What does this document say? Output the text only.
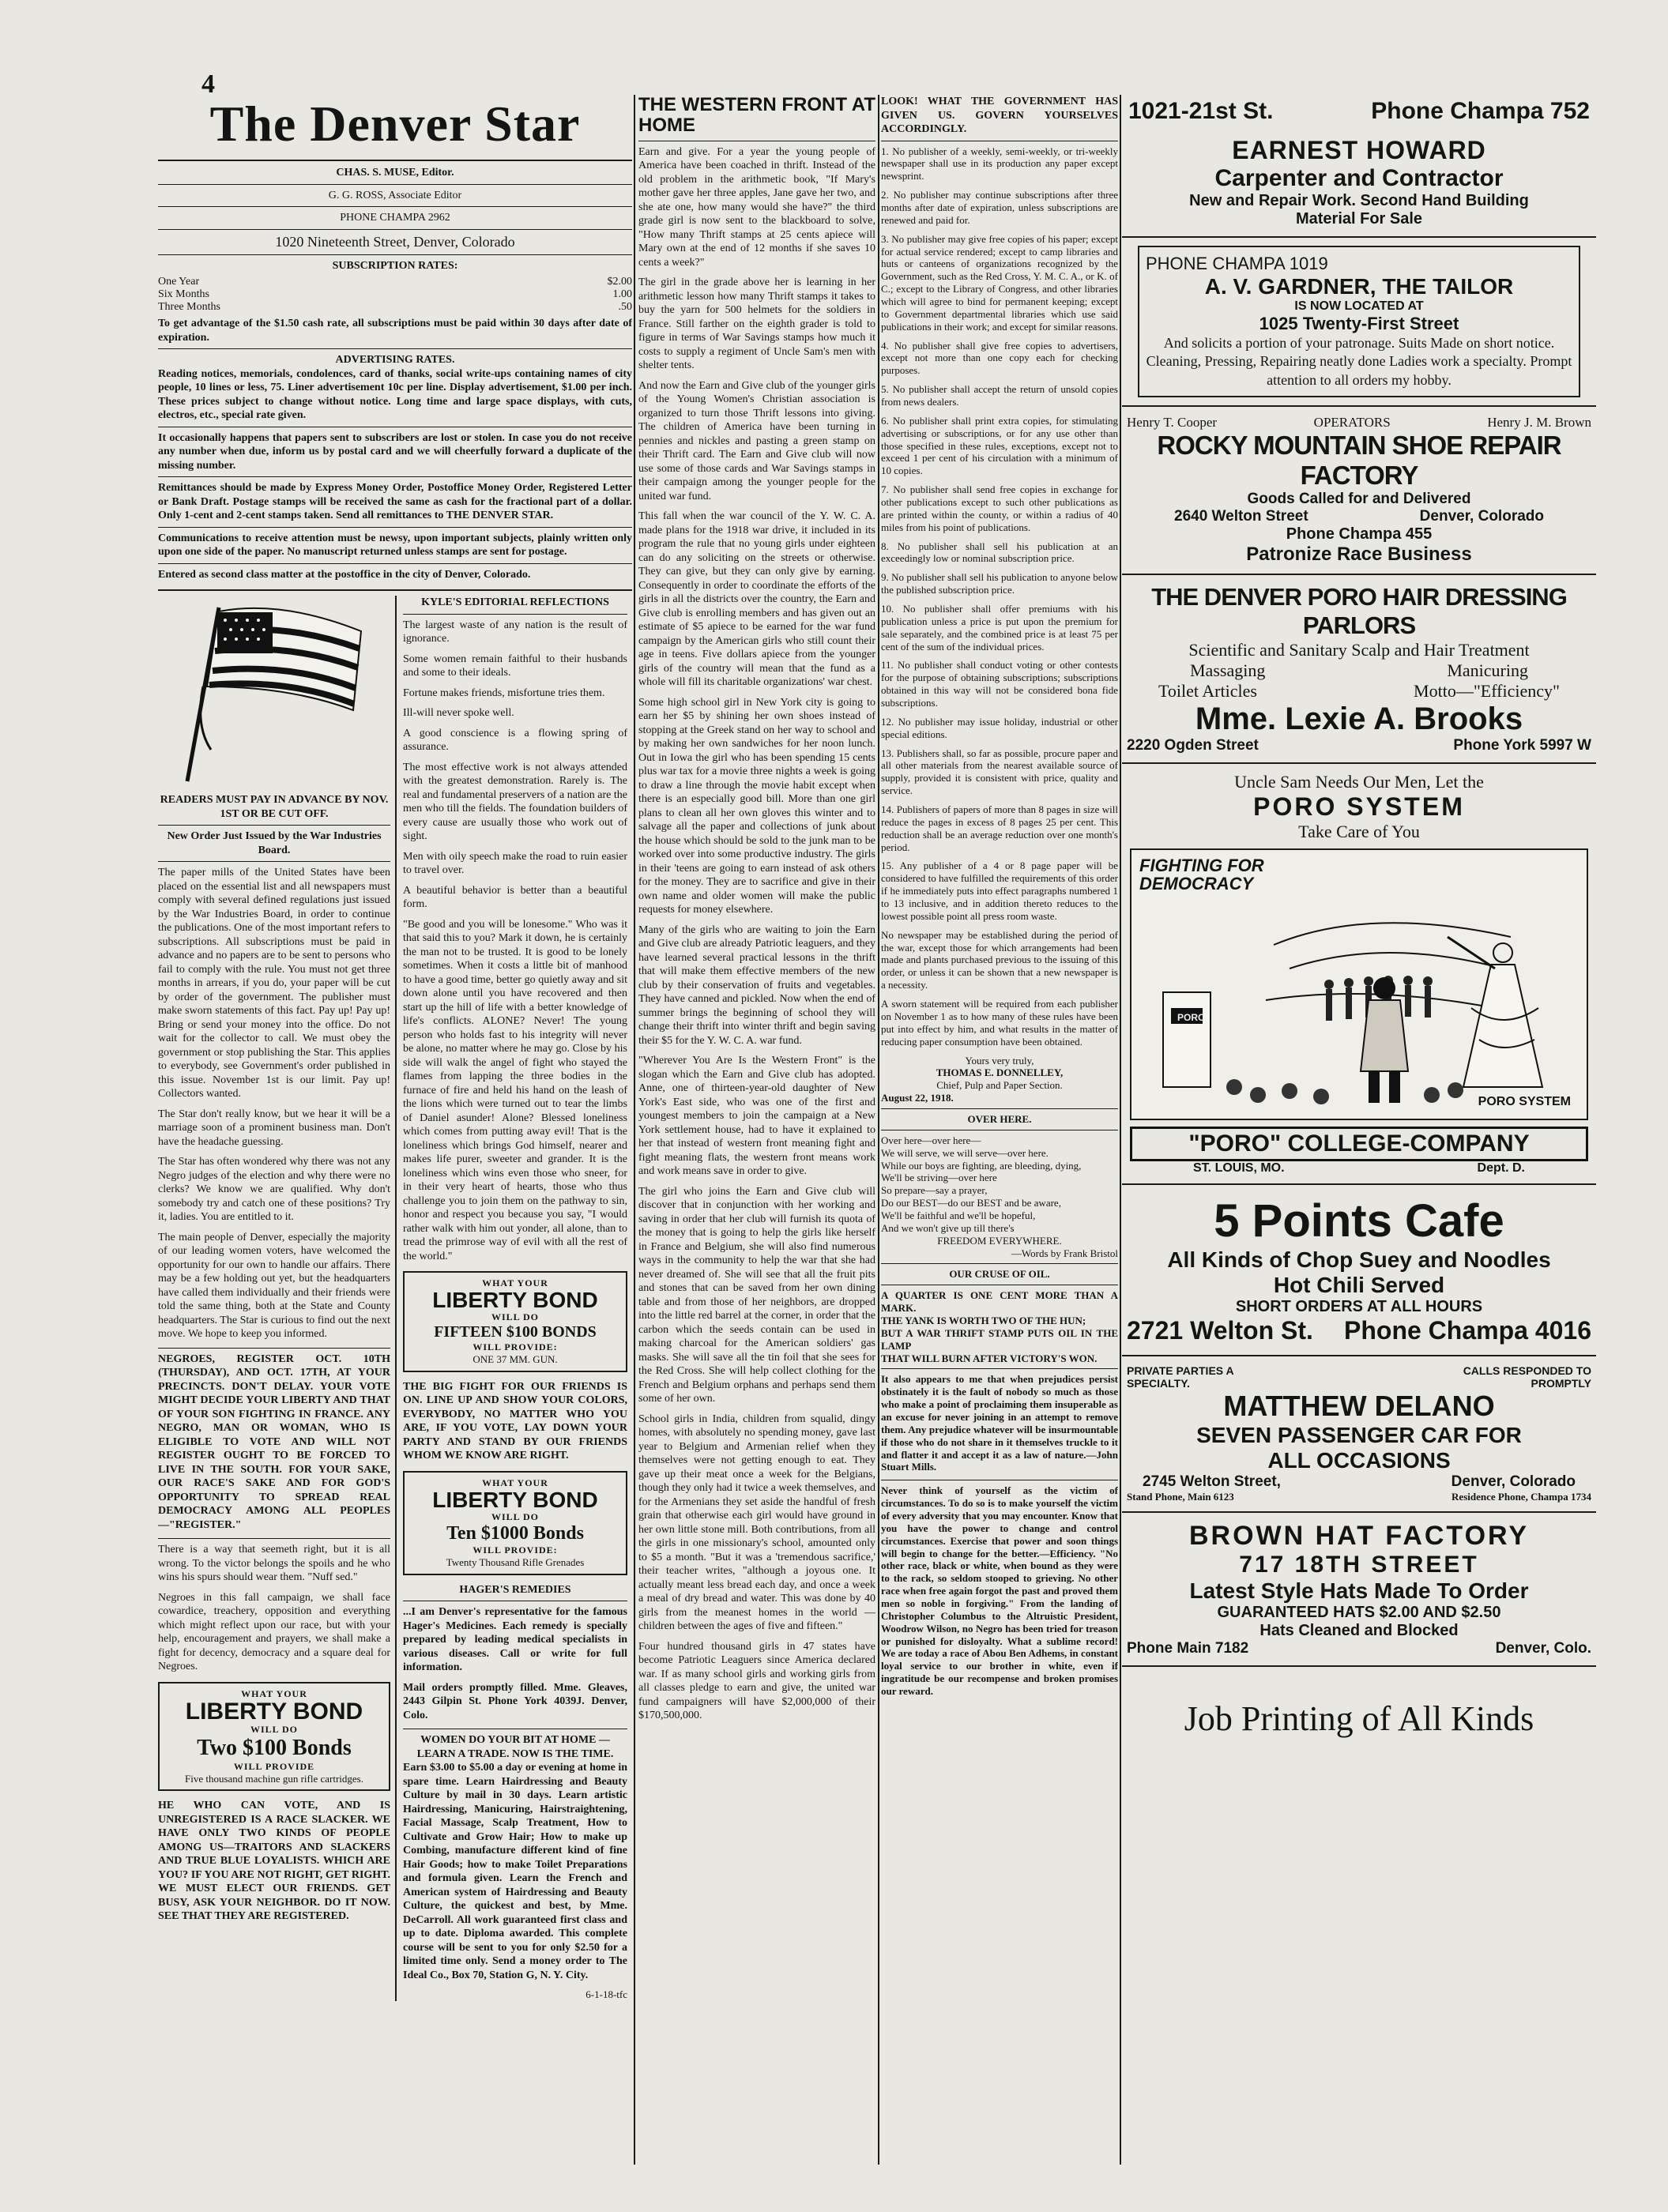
4
The Denver Star
CHAS. S. MUSE, Editor.
G. G. ROSS, Associate Editor
PHONE CHAMPA 2962
1020 Nineteenth Street, Denver, Colorado
SUBSCRIPTION RATES:
One Year	$2.00
Six Months	1.00
Three Months	.50
To get advantage of the $1.50 cash rate, all subscriptions must be paid within 30 days after date of expiration.
ADVERTISING RATES.
Reading notices, memorials, condolences, card of thanks, social write-ups containing names of city people, 10 lines or less, 75. Liner advertisement 10c per line. Display advertisement, $1.00 per inch. These prices subject to change without notice. Long time and large space displays, with cuts, electros, etc., special rate given.
It occasionally happens that papers sent to subscribers are lost or stolen. In case you do not receive any number when due, inform us by postal card and we will cheerfully forward a duplicate of the missing number.
Remittances should be made by Express Money Order, Postoffice Money Order, Registered Letter or Bank Draft. Postage stamps will be received the same as cash for the fractional part of a dollar. Only 1-cent and 2-cent stamps taken. Send all remittances to THE DENVER STAR.
Communications to receive attention must be newsy, upon important subjects, plainly written only upon one side of the paper. No manuscript returned unless stamps are sent for postage.
Entered as second class matter at the postoffice in the city of Denver, Colorado.
READERS MUST PAY IN ADVANCE BY NOV. 1ST OR BE CUT OFF.
New Order Just Issued by the War Industries Board.

The paper mills of the United States have been placed on the essential list and all newspapers must comply with several defined regulations just issued by the War Industries Board, in order to continue the publications. One of the most important refers to subscriptions. All subscriptions must be paid in advance and no papers are to be sent to persons who fail to comply with the rule. You must not get three months in arrears, if you do, your paper will be cut by order of the government. The publisher must make sworn statements of this fact. Pay up! Pay up! Bring or send your money into the office. Do not wait for the collector to call. We must obey the government or stop publishing the Star. This applies to everybody, see Government's order published in this issue. November 1st is our limit. Pay up! Collectors wanted.

The Star don't really know, but we hear it will be a marriage soon of a prominent business man. Don't have the headache guessing.

The Star has often wondered why there was not any Negro judges of the election and why there were no clerks? We know we are qualified. Why don't somebody try and catch one of these positions? Try it, ladies. You are entitled to it.

The main people of Denver, especially the majority of our leading women voters, have welcomed the opportunity for our own to handle our affairs. There may be a few holding out yet, but the headquarters have called them individually and their friends were told the same thing, both at the State and County headquarters. The Star is curious to find out the next move. We hope to keep you informed.

NEGROES, REGISTER OCT. 10TH (THURSDAY), AND OCT. 17TH, AT YOUR PRECINCTS. DON'T DELAY. YOUR VOTE MIGHT DECIDE YOUR LIBERTY AND THAT OF YOUR SON FIGHTING IN FRANCE. ANY NEGRO, MAN OR WOMAN, WHO IS ELIGIBLE TO VOTE AND WILL NOT REGISTER OUGHT TO BE FORCED TO LIVE IN THE SOUTH. FOR YOUR SAKE, OUR RACE'S SAKE AND FOR GOD'S OPPORTUNITY TO SPREAD REAL DEMOCRACY AMONG ALL PEOPLES—"REGISTER."

There is a way that seemeth right, but it is all wrong. To the victor belongs the spoils and he who wins his spurs should wear them. "Nuff sed."

Negroes in this fall campaign, we shall face cowardice, treachery, opposition and everything which might reflect upon our race, but with your help, encouragement and prayers, we shall make a fight for decency, democracy and a square deal for Negroes.

WHAT YOUR
LIBERTY BOND
WILL DO
Two $100 Bonds
WILL PROVIDE
Five thousand machine gun rifle cartridges.

HE WHO CAN VOTE, AND IS UNREGISTERED IS A RACE SLACKER. WE HAVE ONLY TWO KINDS OF PEOPLE AMONG US—TRAITORS AND SLACKERS AND TRUE BLUE LOYALISTS. WHICH ARE YOU? IF YOU ARE NOT RIGHT, GET RIGHT. WE MUST ELECT OUR FRIENDS. GET BUSY, ASK YOUR NEIGHBOR. DO IT NOW. SEE THAT THEY ARE REGISTERED.

KYLE'S EDITORIAL REFLECTIONS

The largest waste of any nation is the result of ignorance.

Some women remain faithful to their husbands and some to their ideals.

Fortune makes friends, misfortune tries them.

Ill-will never spoke well.

A good conscience is a flowing spring of assurance.

The most effective work is not always attended with the greatest demonstration. Rarely is. The real and fundamental preservers of a nation are the men who till the fields. The foundation builders of every cause are usually those who work out of sight.

Men with oily speech make the road to ruin easier to travel over.

A beautiful behavior is better than a beautiful form.

"Be good and you will be lonesome." Who was it that said this to you? Mark it down, he is certainly the man not to be trusted. It is good to be lonely sometimes. When it costs a little bit of manhood to have a good time, better go quietly away and sit down alone until you have recovered and then start up the hill of life with a better knowledge of life's conflicts. ALONE? Never! The young person who holds fast to his integrity will never be alone, no matter where he may go. Close by his side will walk the angel of fight who stayed the flames from lapping the three bodies in the furnace of fire and held his hand on the leash of the lions which were turned out to tear the limbs of Daniel asunder! Alone? Blessed loneliness which comes from putting away evil! That is the loneliness which brings God himself, nearer and makes life purer, sweeter and grander. It is the loneliness which wins even those who sneer, for in their very heart of hearts, those who thus challenge you to join them on the pathway to sin, honor and respect you because you say, "I would rather walk with him out yonder, all alone, than to tread the primrose way of evil with all the rest of the world."

WHAT YOUR
LIBERTY BOND
WILL DO
FIFTEEN $100 BONDS
WILL PROVIDE:
ONE 37 MM. GUN.

THE BIG FIGHT FOR OUR FRIENDS IS ON. LINE UP AND SHOW YOUR COLORS, EVERYBODY, NO MATTER WHO YOU ARE, IF YOU VOTE, LAY DOWN YOUR PARTY AND STAND BY OUR FRIENDS WHOM WE KNOW ARE RIGHT.

WHAT YOUR
LIBERTY BOND
WILL DO
Ten $1000 Bonds
WILL PROVIDE:
Twenty Thousand Rifle Grenades
HAGER'S REMEDIES

...I am Denver's representative for the famous Hager's Medicines. Each remedy is specially prepared by leading medical specialists in various diseases. Call or write for full information.

Mail orders promptly filled. Mme. Gleaves, 2443 Gilpin St. Phone York 4039J. Denver, Colo.

WOMEN DO YOUR BIT AT HOME —LEARN A TRADE. NOW IS THE TIME.

Earn $3.00 to $5.00 a day or evening at home in spare time. Learn Hairdressing and Beauty Culture by mail in 30 days. Learn artistic Hairdressing, Manicuring, Hairstraightening, Facial Massage, Scalp Treatment, How to Cultivate and Grow Hair; How to make up Combing, manufacture different kind of fine Hair Goods; how to make Toilet Preparations and formula given. Learn the French and American system of Hairdressing and Beauty Culture, the quickest and best, by Mme. DeCarroll. All work guaranteed first class and up to date. Diploma awarded. This complete course will be sent to you for only $2.50 for a limited time only. Send a money order to The Ideal Co., Box 70, Station G, N. Y. City.

6-1-18-tfc
THE WESTERN FRONT AT HOME

Earn and give. For a year the young people of America have been coached in thrift. Instead of the old problem in the arithmetic book, "If Mary's mother gave her three apples, Jane gave her two, and she ate one, how many would she have?" the third grade girl is now sent to the blackboard to solve, "How many Thrift stamps at 25 cents apiece will Mary own at the end of 12 months if she saves 10 cents a week?"

The girl in the grade above her is learning in her arithmetic lesson how many Thrift stamps it takes to buy the yarn for 500 helmets for the soldiers in France. Still farther on the eighth grader is told to figure in terms of War Savings stamps how much it costs to supply a regiment of Uncle Sam's men with shelter tents.

And now the Earn and Give club of the younger girls of the Young Women's Christian association is organized to turn those Thrift lessons into giving. The children of America have been turning in pennies and nickles and pasting a green stamp on their Thrift card. The Earn and Give club will now use some of those cards and War Savings stamps in their campaign among the younger people for the united war fund.

This fall when the war council of the Y. W. C. A. made plans for the 1918 war drive, it included in its program the rule that no young girls under eighteen can do any soliciting on the streets or otherwise. They can give, but they can only give by earning. Consequently in order to coordinate the efforts of the girls in all the districts over the country, the Earn and Give club is enrolling members and has given out an estimate of $5 apiece to be earned for the war fund campaign by the American girls who still count their age in teens. Five dollars apiece from the younger girls of the country will mean that the fund as a whole will fill its charitable organizations' war chest.

Some high school girl in New York city is going to earn her $5 by shining her own shoes instead of stopping at the Greek stand on her way to school and by making her own sandwiches for her noon lunch. Out in Iowa the girl who has been spending 15 cents plus war tax for a movie three nights a week is going to draw a line through the movie habit except when there is an especially good bill. More than one girl plans to clean all her own gloves this winter and to salvage all the paper and collections of junk about the house which should be sold to the junk man to be worked over into some productive industry. The girls in their 'teens are going to earn instead of ask others for the money. They are to sacrifice and give in their own name and older women will make the public requests for money elsewhere.

Many of the girls who are waiting to join the Earn and Give club are already Patriotic leaguers, and they have learned several practical lessons in the thrift that will make them effective members of the new club by their conservation of fruits and vegetables. They have canned and pickled. Now when the end of summer brings the beginning of school they will change their thrift into winter thrift and begin saving their $5 for the Y. W. C. A. war fund.

"Wherever You Are Is the Western Front" is the slogan which the Earn and Give club has adopted. Anne, one of thirteen-year-old daughter of New York's East side, who was one of the first and youngest members to join the campaign at a New York settlement house, had to have it explained to her that instead of western front meaning fight and fight meaning flats, the western front means work and work means save in order to give.

The girl who joins the Earn and Give club will discover that in conjunction with her working and saving in order that her club will furnish its quota of the money that is going to help the girls like herself in France and Belgium, she will also find numerous ways in the community to help the war that she had never dreamed of. She will see that all the fruit pits and stones that can be saved from her own dining table and from those of her neighbors, are dropped into the little red barrel at the corner, in order that the carbon which the seeds contain can be used in making charcoal for the American soldiers' gas masks. She will save all the tin foil that she sees for the Red Cross. She will help collect clothing for the French and Belgium orphans and perhaps send them some of her own.

School girls in India, children from squalid, dingy homes, with absolutely no spending money, gave last year to Belgium and Armenian relief when they themselves were not getting enough to eat. They gave up their meat once a week for the Belgians, though they only had it twice a week themselves, and for the Armenians they set aside the handful of fresh grain that otherwise each girl would have ground in her own little stone mill. Both contributions, from all the girls in one missionary's school, amounted only to $5 a month. "But it was a 'tremendous sacrifice,' their teacher writes, "although a joyous one. It actually meant less bread each day, and once a week a meal of dry bread and water. This was done by 40 girls from the meanest homes in the world —children between the ages of five and fifteen."

Four hundred thousand girls in 47 states have become Patriotic Leaguers since America declared war. If as many school girls and working girls from all classes pledge to earn and give, the united war fund campaigners will have $2,000,000 of their $170,500,000.

LOOK! WHAT THE GOVERNMENT HAS GIVEN US. GOVERN YOURSELVES ACCORDINGLY.

1. No publisher of a weekly, semi-weekly, or tri-weekly newspaper shall use in its production any paper except newsprint.

2. No publisher may continue subscriptions after three months after date of expiration, unless subscriptions are renewed and paid for.

3. No publisher may give free copies of his paper; except for actual service rendered; except to camp libraries and huts or canteens of organizations recognized by the Government, such as the Red Cross, Y. M. C. A., or K. of C.; except to the Library of Congress, and other libraries which will agree to bind for permanent keeping; except to Government departmental libraries which use said publications in their work; and except for similar reasons.

4. No publisher shall give free copies to advertisers, except not more than one copy each for checking purposes.

5. No publisher shall accept the return of unsold copies from news dealers.

6. No publisher shall print extra copies, for stimulating advertising or subscriptions, or for any use other than those specified in these rules, exceptions, except not to exceed 1 per cent of his circulation with a minimum of 10 copies.

7. No publisher shall send free copies in exchange for other publications except to such other publications as are printed within the county, or within a radius of 40 miles from his point of publications.

8. No publisher shall sell his publication at an exceedingly low or nominal subscription price.

9. No publisher shall sell his publication to anyone below the published subscription price.

10. No publisher shall offer premiums with his publication unless a price is put upon the premium for sale separately, and the combined price is at least 75 per cent of the sum of the individual prices.

11. No publisher shall conduct voting or other contests for the purpose of obtaining subscriptions; subscriptions obtained in this way will not be considered bona fide subscriptions.

12. No publisher may issue holiday, industrial or other special editions.

13. Publishers shall, so far as possible, procure paper and all other materials from the nearest available source of supply, provided it is consistent with price, quality and service.

14. Publishers of papers of more than 8 pages in size will reduce the pages in excess of 8 pages 25 per cent. This reduction shall be an average reduction over one month's period.

15. Any publisher of a 4 or 8 page paper will be considered to have fulfilled the requirements of this order if he immediately puts into effect paragraphs numbered 1 to 13 inclusive, and in addition thereto reduces to the lowest possible point all press room waste.

No newspaper may be established during the period of the war, except those for which arrangements had been made and plants purchased previous to the issuing of this order, or unless it can be shown that a new newspaper is a necessity.

A sworn statement will be required from each publisher on November 1 as to how many of these rules have been put into effect by him, and what results in the matter of reducing paper consumption have been obtained.

Yours very truly,
THOMAS E. DONNELLEY,
Chief, Pulp and Paper Section.
August 22, 1918.
OVER HERE.
Over here—over here—
We will serve, we will serve—over here.
While our boys are fighting, are bleeding, dying,
We'll be striving—over here
So prepare—say a prayer,
Do our BEST—do our BEST and be aware,
We'll be faithful and we'll be hopeful,
And we won't give up till there's
FREEDOM EVERYWHERE.
—Words by Frank Bristol
OUR CRUSE OF OIL.
A QUARTER IS ONE CENT MORE THAN A MARK.
THE YANK IS WORTH TWO OF THE HUN;
BUT A WAR THRIFT STAMP PUTS OIL IN THE LAMP
THAT WILL BURN AFTER VICTORY'S WON.

It also appears to me that when prejudices persist obstinately it is the fault of nobody so much as those who make a point of proclaiming them insuperable as an excuse for never joining in an attempt to remove them. Any prejudice whatever will be insurmountable if those who do not share in it themselves truckle to it and flatter it and accept it as a law of nature.—John Stuart Mills.

Never think of yourself as the victim of circumstances. To do so is to make yourself the victim of every adversity that you may encounter. Know that you have the power to change and control circumstances. Exercise that power and soon things will begin to change for the better.—Efficiency. "No other race, black or white, when bound as they were to the rack, so seldom stooped to grieving. No other race when free again forgot the past and proved them men so noble in forgiving." From the landing of Christopher Columbus to the Altruistic President, Woodrow Wilson, no Negro has been tried for treason or punished for disloyalty. What a sublime record! We are today a race of Abou Ben Adhems, in constant loyal service to our brother in white, even if ingratitude be our recompense and broken promises our reward.

1021-21st St.	Phone Champa 752
EARNEST HOWARD
Carpenter and Contractor
New and Repair Work. Second Hand Building
Material For Sale
PHONE CHAMPA 1019
A. V. GARDNER, THE TAILOR
IS NOW LOCATED AT
1025 Twenty-First Street
And solicits a portion of your patronage. Suits Made on short notice. Cleaning, Pressing, Repairing neatly done Ladies work a specialty. Prompt attention to all orders my hobby.
Henry T. Cooper	OPERATORS	Henry J. M. Brown
ROCKY MOUNTAIN SHOE REPAIR FACTORY
Goods Called for and Delivered
2640 Welton Street	Denver, Colorado
Phone Champa 455
Patronize Race Business
THE DENVER PORO HAIR DRESSING PARLORS
Scientific and Sanitary Scalp and Hair Treatment
Massaging	Manicuring
Toilet Articles	Motto—"Efficiency"
Mme. Lexie A. Brooks
2220 Ogden Street	Phone York 5997 W
Uncle Sam Needs Our Men, Let the
PORO SYSTEM
Take Care of You
FIGHTING FOR DEMOCRACY
PORO
PORO SYSTEM
"PORO" COLLEGE-COMPANY
ST. LOUIS, MO.	Dept. D.
5 Points Cafe
All Kinds of Chop Suey and Noodles
Hot Chili Served
SHORT ORDERS AT ALL HOURS
2721 Welton St. Phone Champa 4016
PRIVATE PARTIES A SPECIALTY.
CALLS RESPONDED TO PROMPTLY
MATTHEW DELANO
SEVEN PASSENGER CAR FOR
ALL OCCASIONS
2745 Welton Street,	Denver, Colorado
Stand Phone, Main 6123	Residence Phone, Champa 1734
BROWN HAT FACTORY
717 18TH STREET
Latest Style Hats Made To Order
GUARANTEED HATS $2.00 AND $2.50
Hats Cleaned and Blocked
Phone Main 7182	Denver, Colo.
Job Printing of All Kinds
